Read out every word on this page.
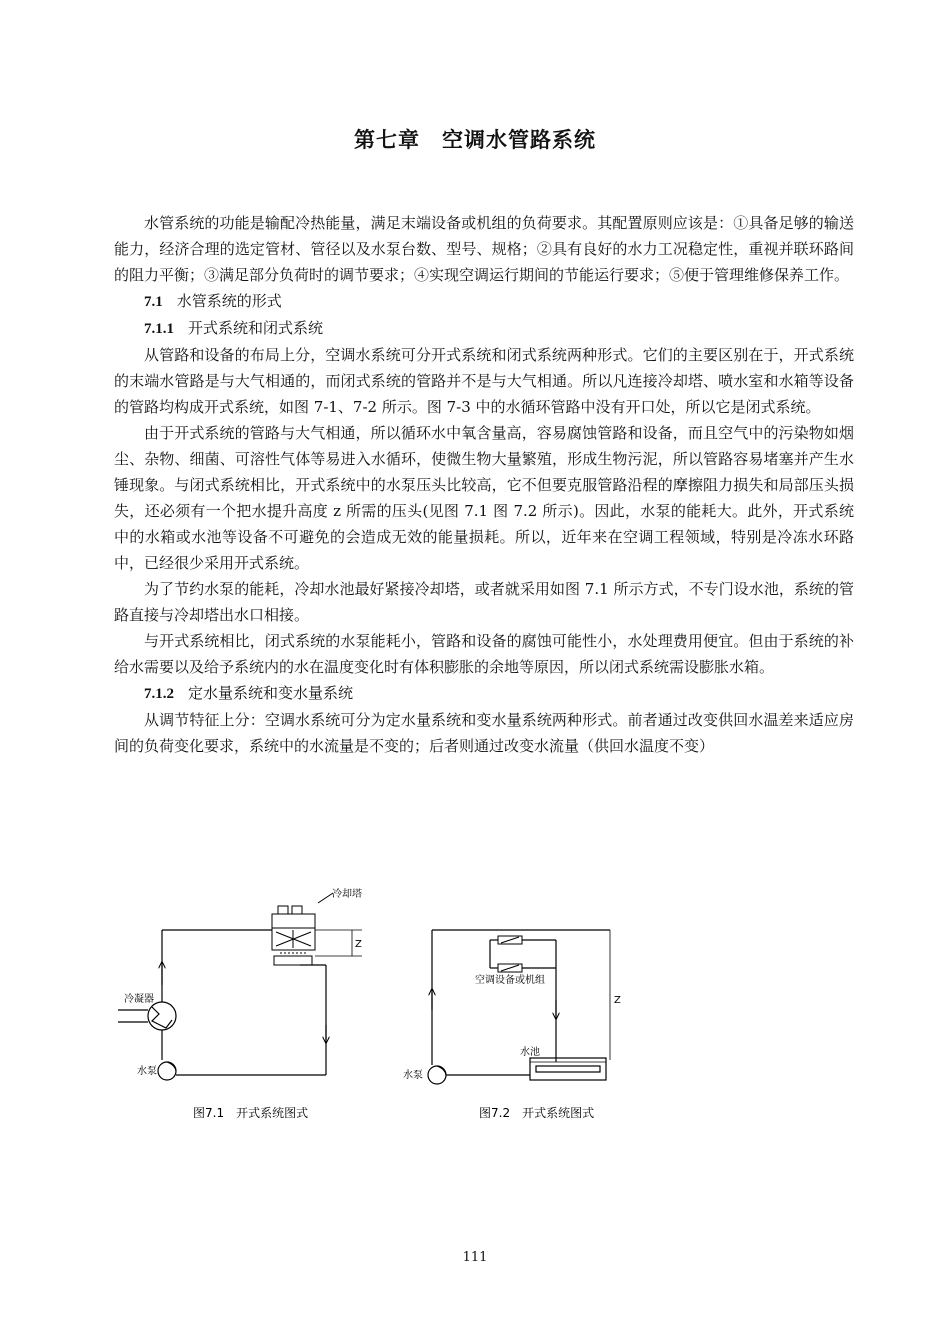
第七章　空调水管路系统

水管系统的功能是输配冷热能量，满足末端设备或机组的负荷要求。其配置原则应该是：①具备足够的输送能力，经济合理的选定管材、管径以及水泵台数、型号、规格；②具有良好的水力工况稳定性，重视并联环路间的阻力平衡；③满足部分负荷时的调节要求；④实现空调运行期间的节能运行要求；⑤便于管理维修保养工作。

7.1 水管系统的形式

7.1.1 开式系统和闭式系统

从管路和设备的布局上分，空调水系统可分开式系统和闭式系统两种形式。它们的主要区别在于，开式系统的末端水管路是与大气相通的，而闭式系统的管路并不是与大气相通。所以凡连接冷却塔、喷水室和水箱等设备的管路均构成开式系统，如图 7-1、7-2 所示。图 7-3 中的水循环管路中没有开口处，所以它是闭式系统。

由于开式系统的管路与大气相通，所以循环水中氧含量高，容易腐蚀管路和设备，而且空气中的污染物如烟尘、杂物、细菌、可溶性气体等易进入水循环，使微生物大量繁殖，形成生物污泥，所以管路容易堵塞并产生水锤现象。与闭式系统相比，开式系统中的水泵压头比较高，它不但要克服管路沿程的摩擦阻力损失和局部压头损失，还必须有一个把水提升高度 z 所需的压头(见图 7.1 图 7.2 所示)。因此，水泵的能耗大。此外，开式系统中的水箱或水池等设备不可避免的会造成无效的能量损耗。所以，近年来在空调工程领域，特别是冷冻水环路中，已经很少采用开式系统。

为了节约水泵的能耗，冷却水池最好紧接冷却塔，或者就采用如图 7.1 所示方式，不专门设水池，系统的管路直接与冷却塔出水口相接。

与开式系统相比，闭式系统的水泵能耗小，管路和设备的腐蚀可能性小，水处理费用便宜。但由于系统的补给水需要以及给予系统内的水在温度变化时有体积膨胀的余地等原因，所以闭式系统需设膨胀水箱。

7.1.2 定水量系统和变水量系统

从调节特征上分：空调水系统可分为定水量系统和变水量系统两种形式。前者通过改变供回水温差来适应房间的负荷变化要求，系统中的水流量是不变的；后者则通过改变水流量（供回水温度不变）

冷却塔
Z
冷凝器
水泵
图7.1　开式系统图式
空调设备或机组
水池
水泵
Z
图7.2　开式系统图式
111
